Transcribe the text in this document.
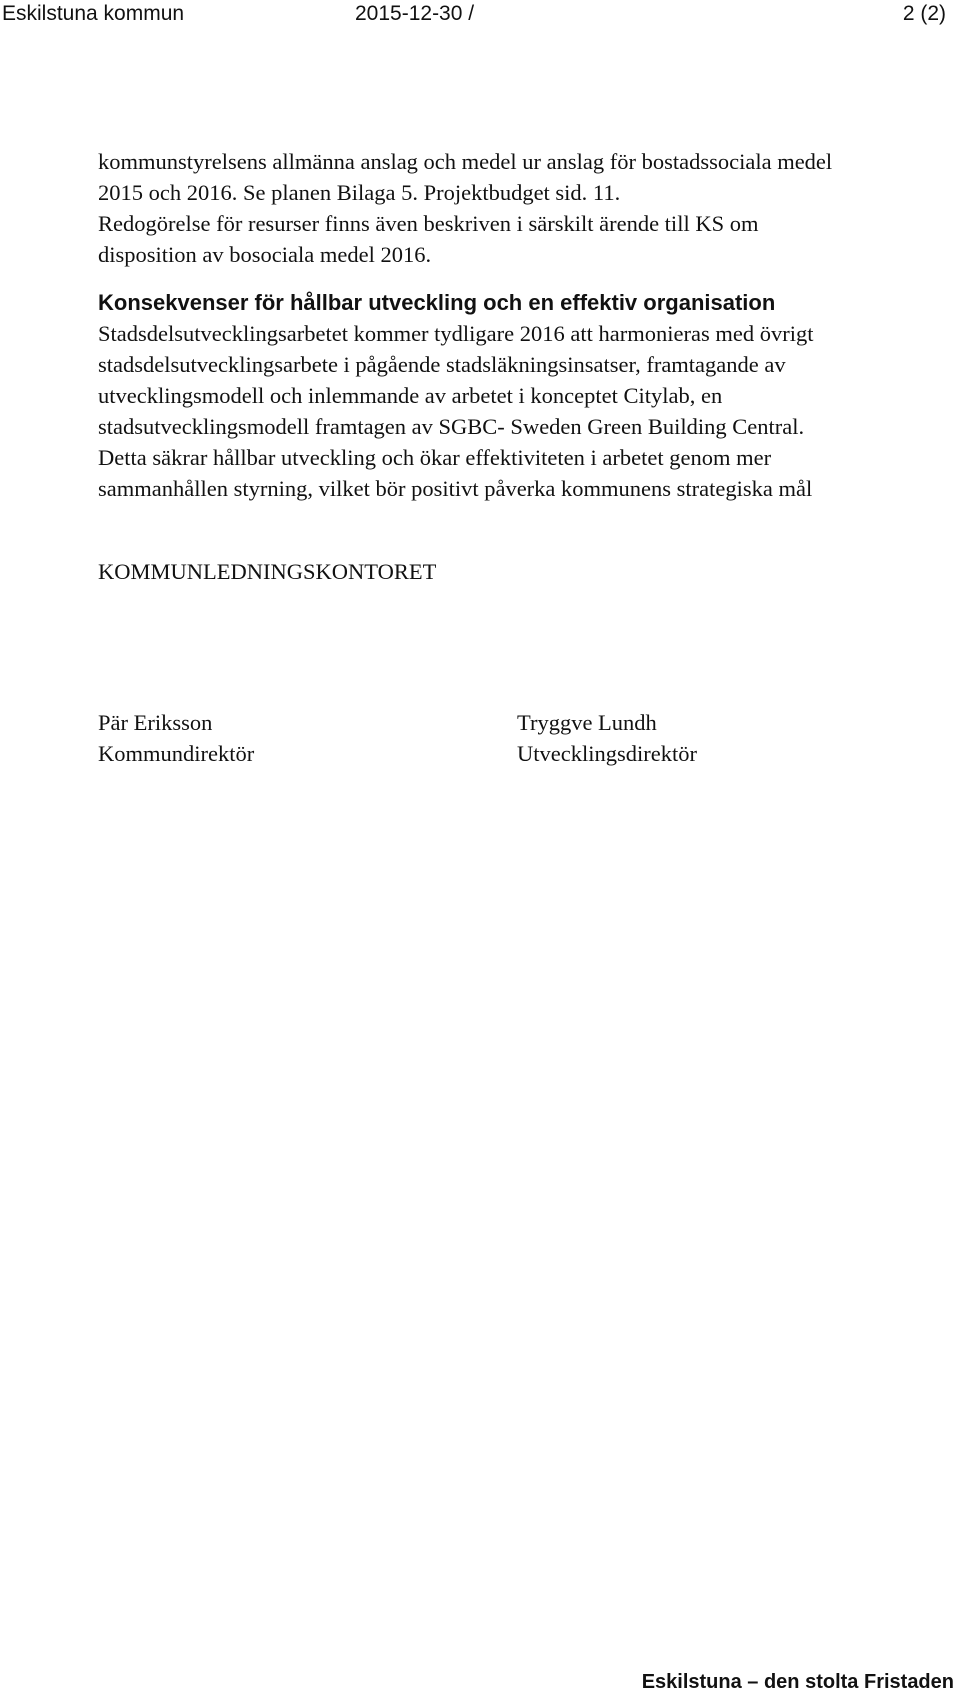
Eskilstuna kommun	2015-12-30 /	2 (2)

kommunstyrelsens allmänna anslag och medel ur anslag för bostadssociala medel
2015 och 2016. Se planen Bilaga 5. Projektbudget sid. 11.
Redogörelse för resurser finns även beskriven i särskilt ärende till KS om
disposition av bosociala medel 2016.

Konsekvenser för hållbar utveckling och en effektiv organisation

Stadsdelsutvecklingsarbetet kommer tydligare 2016 att harmonieras med övrigt
stadsdelsutvecklingsarbete i pågående stadsläkningsinsatser, framtagande av
utvecklingsmodell och inlemmande av arbetet i konceptet Citylab, en
stadsutvecklingsmodell framtagen av SGBC- Sweden Green Building Central.
Detta säkrar hållbar utveckling och ökar effektiviteten i arbetet genom mer
sammanhållen styrning, vilket bör positivt påverka kommunens strategiska mål

KOMMUNLEDNINGSKONTORET
Pär Eriksson
Kommundirektör
Tryggve Lundh
Utvecklingsdirektör
Eskilstuna – den stolta Fristaden
